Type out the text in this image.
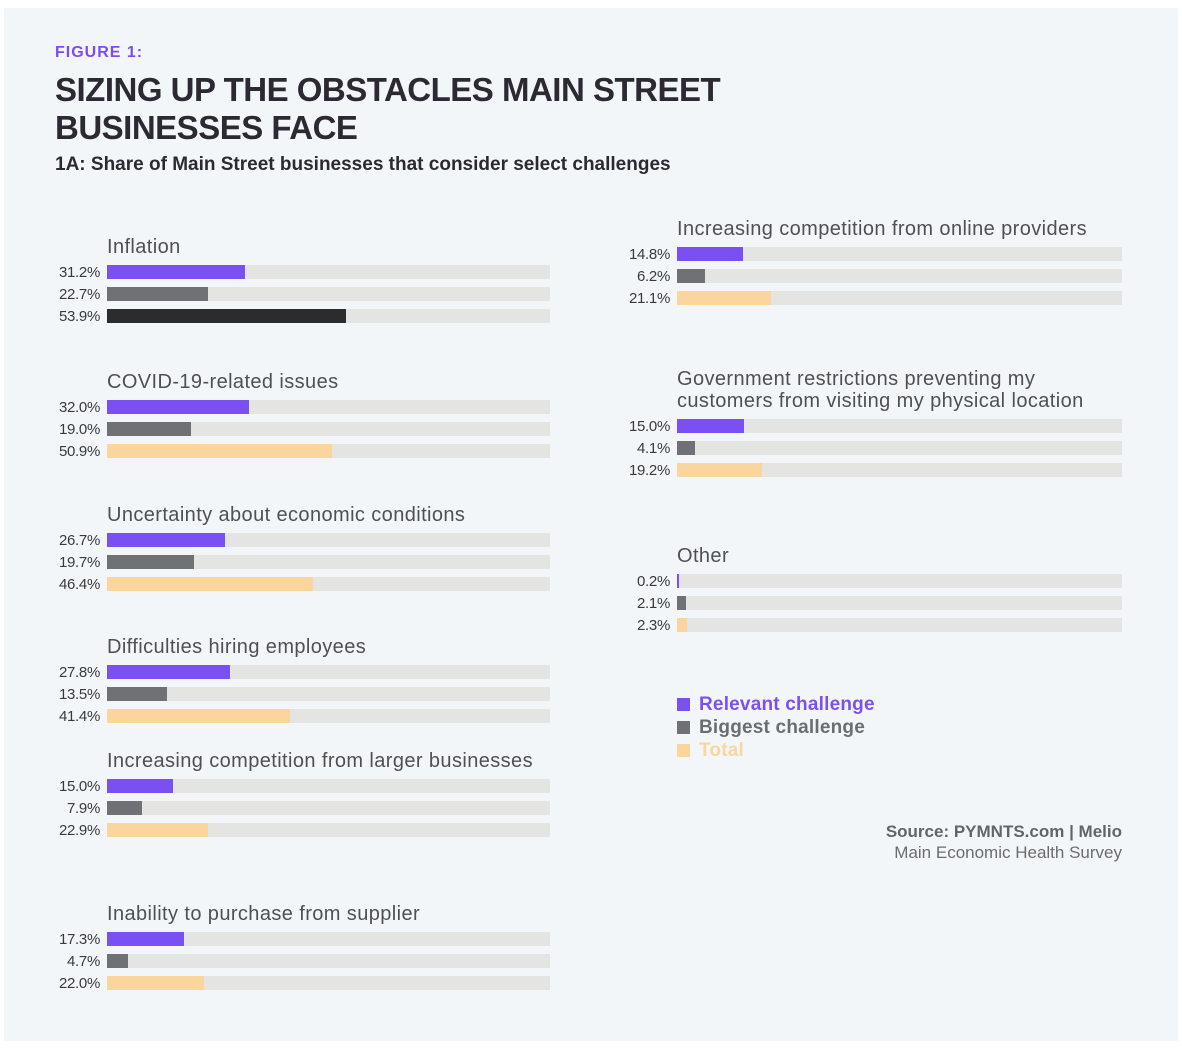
FIGURE 1:
SIZING UP THE OBSTACLES MAIN STREET
BUSINESSES FACE
1A: Share of Main Street businesses that consider select challenges
Inflation
31.2%
22.7%
53.9%
COVID-19-related issues
32.0%
19.0%
50.9%
Uncertainty about economic conditions
26.7%
19.7%
46.4%
Difficulties hiring employees
27.8%
13.5%
41.4%
Increasing competition from larger businesses
15.0%
7.9%
22.9%
Inability to purchase from supplier
17.3%
4.7%
22.0%
Increasing competition from online providers
14.8%
6.2%
21.1%
Government restrictions preventing my customers from visiting my physical location
15.0%
4.1%
19.2%
Other
0.2%
2.1%
2.3%
Relevant challenge
Biggest challenge
Total
Source: PYMNTS.com | Melio
Main Economic Health Survey
